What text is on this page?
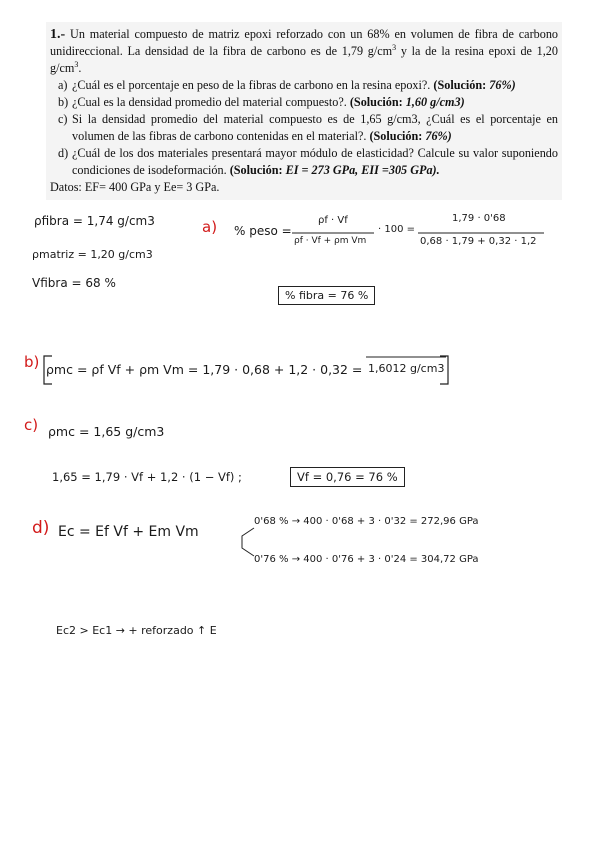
1.- Un material compuesto de matriz epoxi reforzado con un 68% en volumen de fibra de carbono unidireccional. La densidad de la fibra de carbono es de 1,79 $g/cm^3$ y la de la resina epoxi de 1,20 $g/cm^3$.

a) ¿Cuál es el porcentaje en peso de la fibras de carbono en la resina epoxi?. (Solución: 76%)
b) ¿Cual es la densidad promedio del material compuesto?. (Solución: 1,60 g/cm3)
c) Si la densidad promedio del material compuesto es de 1,65 g/cm3, ¿Cuál es el porcentaje en volumen de las fibras de carbono contenidas en el material?. (Solución: 76%)
d) ¿Cuál de los dos materiales presentará mayor módulo de elasticidad? Calcule su valor suponiendo condiciones de isodeformación. (Solución: EI = 273 GPa, EII =305 GPa).

Datos: EF= 400 GPa y Ee= 3 GPa.

ρfibra = 1,74 g/cm3
ρmatriz = 1,20 g/cm3
Vfibra = 68 %
a) % peso =
ρf · Vf
ρf · Vf + ρm Vm
· 100 =
1,79 · 0'68
0,68 · 1,79 + 0,32 · 1,2
% fibra = 76 %
b) ρmc = ρf Vf + ρm Vm = 1,79 · 0,68 + 1,2 · 0,32 = 1,6012 g/cm3
c) ρmc = 1,65 g/cm3
1,65 = 1,79 · Vf + 1,2 · (1 − Vf) ;	Vf = 0,76 = 76 %
d) Ec = Ef Vf + Em Vm
0'68 % → 400 · 0'68 + 3 · 0'32 = 272,96 GPa
0'76 % → 400 · 0'76 + 3 · 0'24 = 304,72 GPa
Ec2 > Ec1 → + reforzado ↑ E
